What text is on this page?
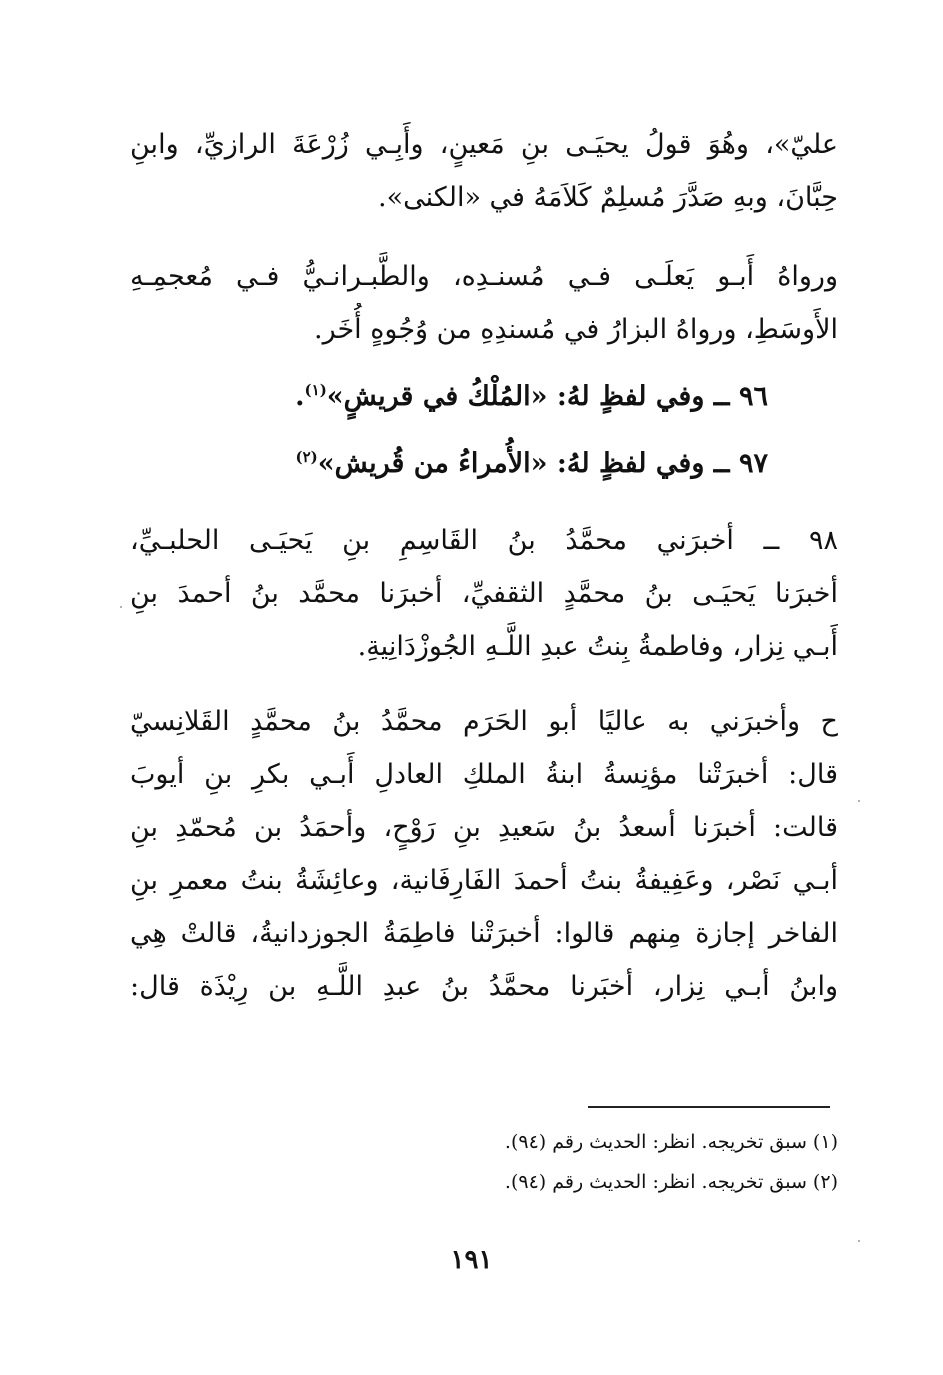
عليّ»، وهُوَ قولُ يحيَـى بنِ مَعينٍ، وأَبِـي زُرْعَةَ الرازيِّ، وابنِ
حِبَّانَ، وبهِ صَدَّرَ مُسلِمٌ كَلاَمَهُ في «الكنى».
ورواهُ أَبـو يَعلَـى فـي مُسنـدِه، والطَّبـرانـيُّ فـي مُعجمِـهِ
الأَوسَطِ، ورواهُ البزارُ في مُسندِهِ من وُجُوهٍ أُخَر.
٩٦ ــ وفي لفظٍ لهُ: «المُلْكُ في قريشٍ»$^{(١)}$.
٩٧ ــ وفي لفظٍ لهُ: «الأُمراءُ من قُريش»$^{(٢)}$
٩٨ ــ أخبرَني محمَّدُ بنُ القَاسِمِ بنِ يَحيَـى الحلبـيِّ،
أخبرَنا يَحيَـى بنُ محمَّدٍ الثقفيِّ، أخبرَنا محمَّد بنُ أحمدَ بنِ
أَبـي نِزار، وفاطمةُ بِنتُ عبدِ اللَّـهِ الجُوزْدَانِيةِ.
ح وأخبرَني به عاليًا أبو الحَرَم محمَّدُ بنُ محمَّدٍ القَلانِسيّ
قال: أخبرَتْنا مؤنِسةُ ابنةُ الملكِ العادلِ أَبـي بكرِ بنِ أيوبَ
قالت: أخبرَنا أسعدُ بنُ سَعيدِ بنِ رَوْحٍ، وأحمَدُ بن مُحمّدِ بنِ
أبـي نَصْر، وعَفِيفةُ بنتُ أحمدَ الفَارِفَانية، وعائِشَةُ بنتُ معمرِ بنِ
الفاخر إجازة مِنهم قالوا: أخبرَتْنا فاطِمَةُ الجوزدانيةُ، قالتْ هِي
وابنُ أبـي نِزار، أخبَرنا محمَّدُ بنُ عبدِ اللَّـهِ بن رِيْذَة قال:
(١) سبق تخريجه. انظر: الحديث رقم (٩٤).
(٢) سبق تخريجه. انظر: الحديث رقم (٩٤).
١٩١
